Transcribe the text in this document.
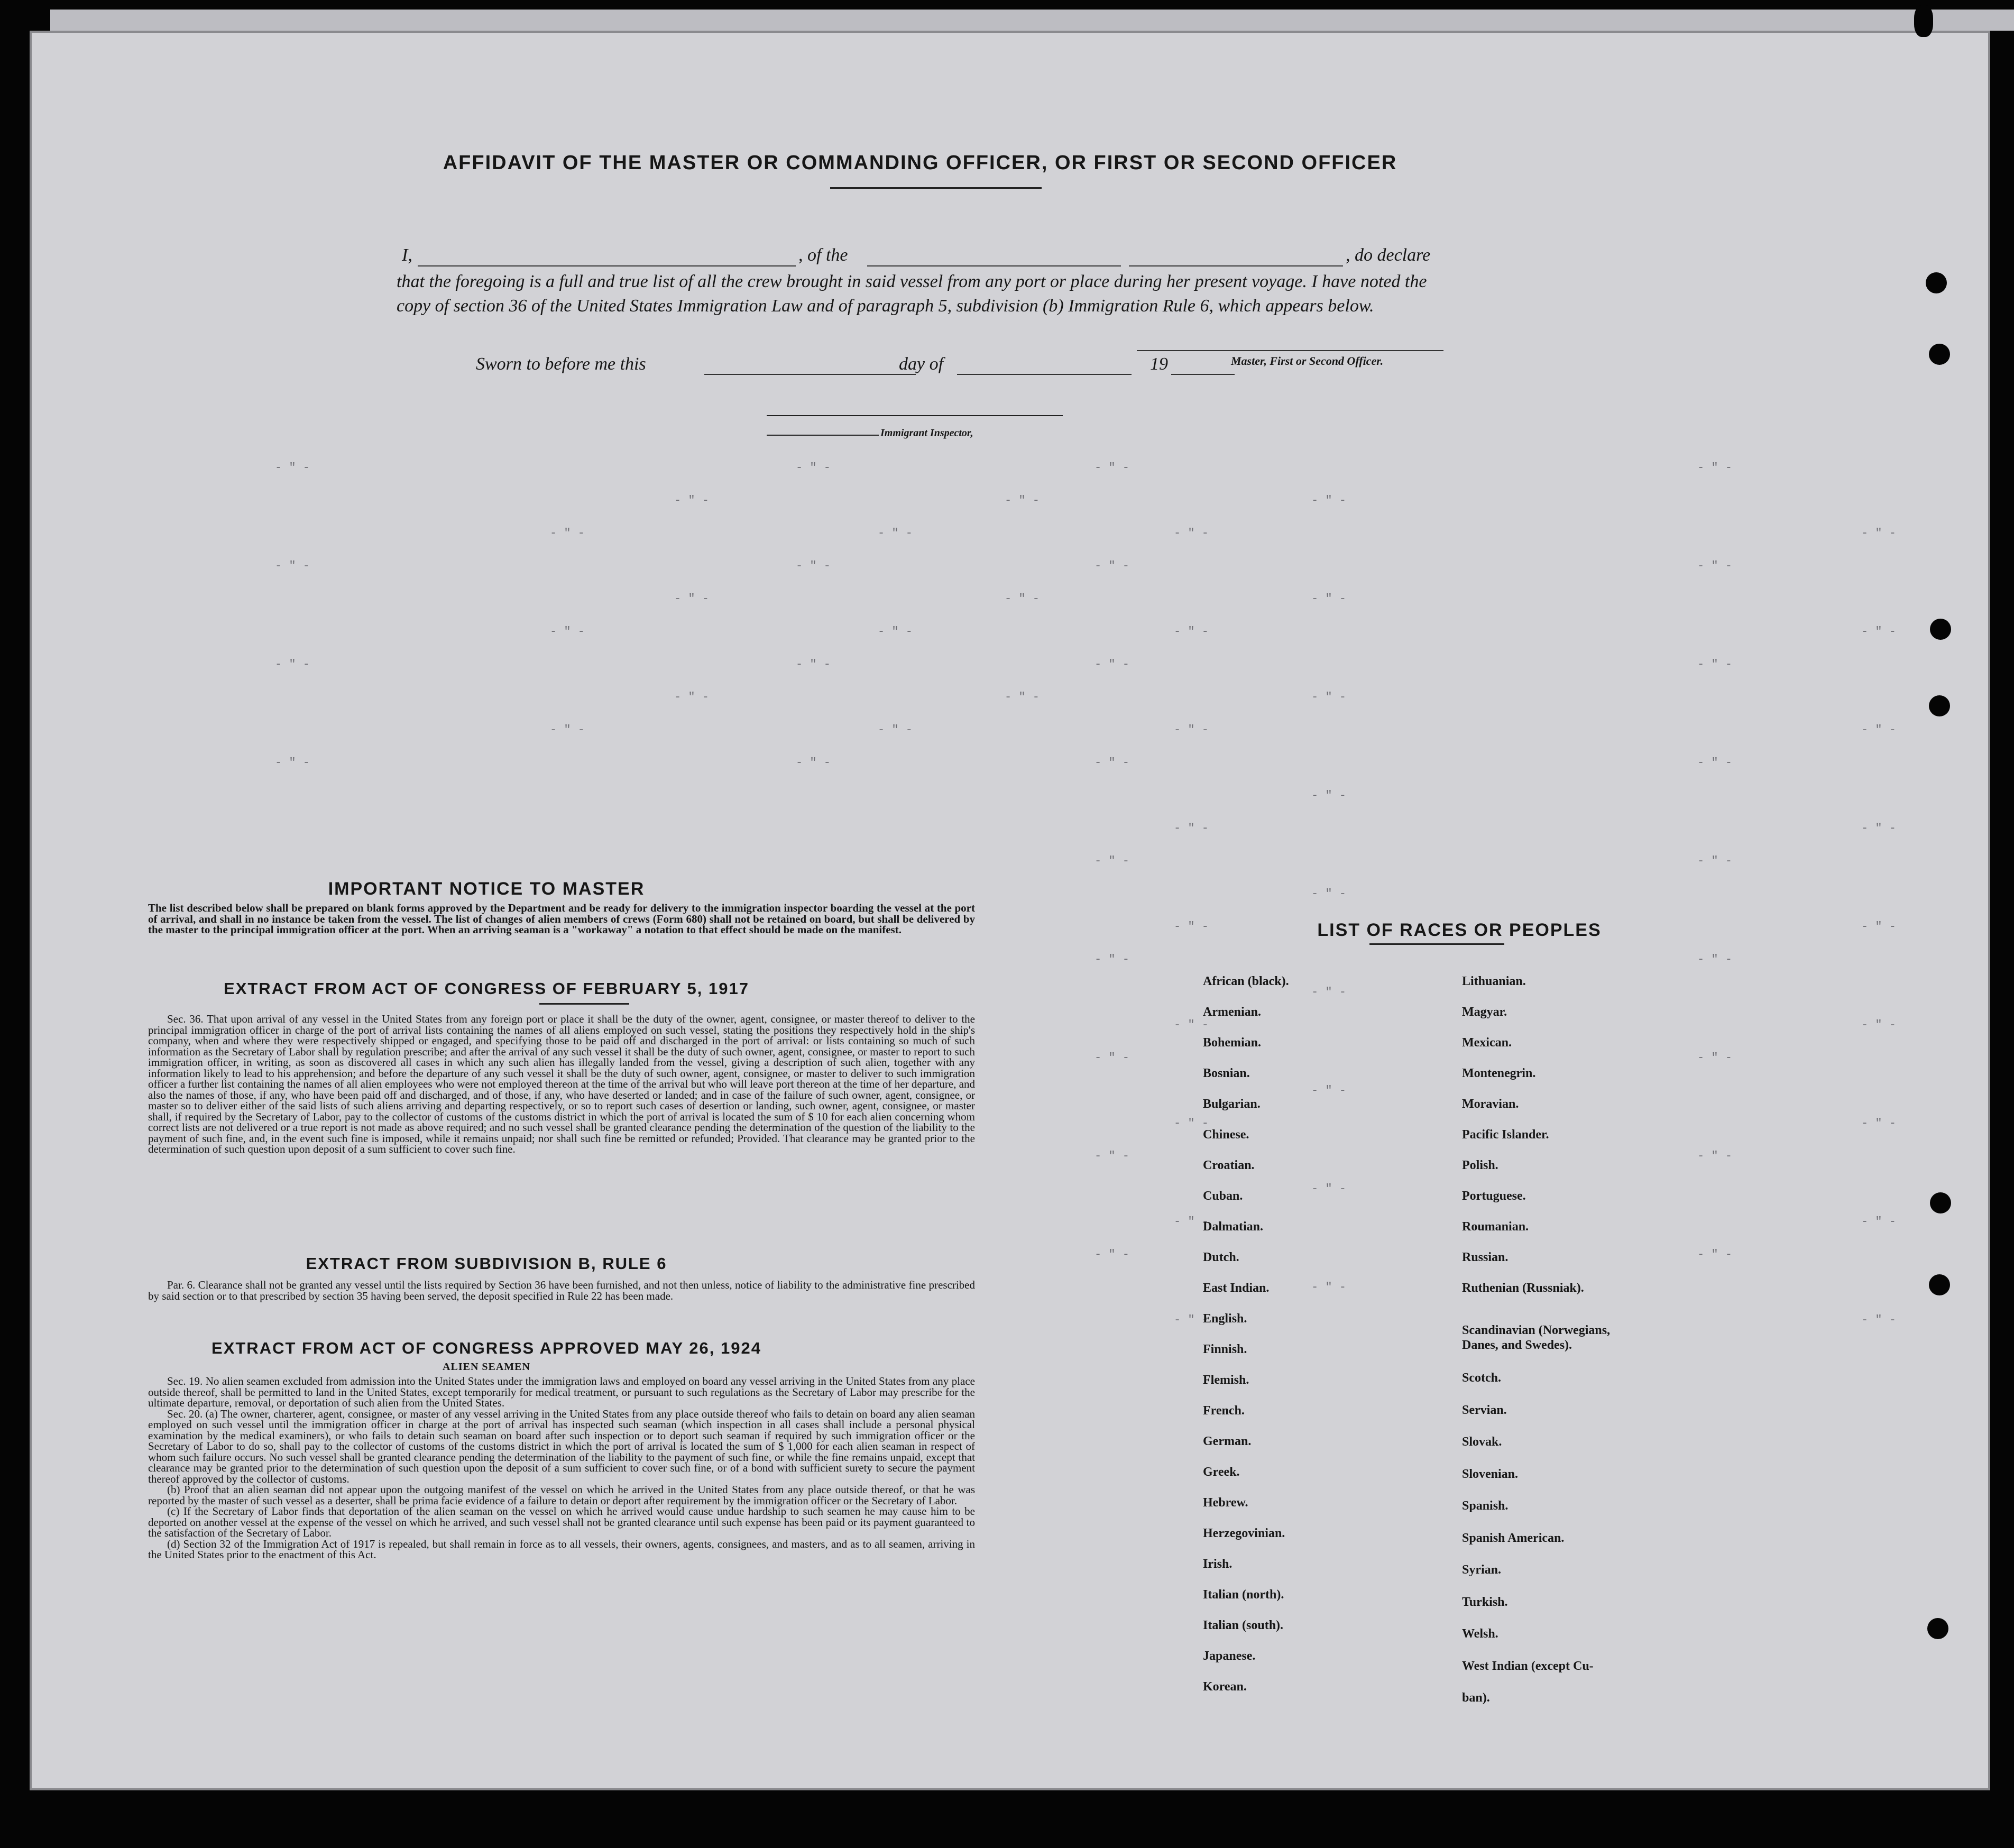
- " -	- " -	- " -	- " -
- " -	- " -	- " -
- " -	- " -	- " -	- " -
- " -	- " -	- " -	- " -
- " -	- " -	- " -
- " -	- " -	- " -	- " -
- " -	- " -	- " -	- " -
- " -	- " -	- " -
- " -	- " -	- " -	- " -
- " -	- " -	- " -	- " -
- " -
- " -	- " -
- " -	- " -
- " -
- " -	- " -
- " -	- " -
- " -
- " -	- " -
- " -	- " -
- " -
- " -	- " -
- " -	- " -
- " -
- " -	- " -
- " -	- " -
- " -
- " -	- " -
AFFIDAVIT OF THE MASTER OR COMMANDING OFFICER, OR FIRST OR SECOND OFFICER
I,	, of the	, do declare
that the foregoing is a full and true list of all the crew brought in said vessel from any port or place during her present voyage. I have noted the copy of section 36 of the United States Immigration Law and of paragraph 5, subdivision (b) Immigration Rule 6, which appears below.
Master, First or Second Officer.
Sworn to before me this	day of	19
Immigrant Inspector,
IMPORTANT NOTICE TO MASTER
The list described below shall be prepared on blank forms approved by the Department and be ready for delivery to the immigration inspector boarding the vessel at the port of arrival, and shall in no instance be taken from the vessel. The list of changes of alien members of crews (Form 680) shall not be retained on board, but shall be delivered by the master to the principal immigration officer at the port. When an arriving seaman is a "workaway" a notation to that effect should be made on the manifest.
EXTRACT FROM ACT OF CONGRESS OF FEBRUARY 5, 1917

Sec. 36. That upon arrival of any vessel in the United States from any foreign port or place it shall be the duty of the owner, agent, consignee, or master thereof to deliver to the principal immigration officer in charge of the port of arrival lists containing the names of all aliens employed on such vessel, stating the positions they respectively hold in the ship's company, when and where they were respectively shipped or engaged, and specifying those to be paid off and discharged in the port of arrival: or lists containing so much of such information as the Secretary of Labor shall by regulation prescribe; and after the arrival of any such vessel it shall be the duty of such owner, agent, consignee, or master to report to such immigration officer, in writing, as soon as discovered all cases in which any such alien has illegally landed from the vessel, giving a description of such alien, together with any information likely to lead to his apprehension; and before the departure of any such vessel it shall be the duty of such owner, agent, consignee, or master to deliver to such immigration officer a further list containing the names of all alien employees who were not employed thereon at the time of the arrival but who will leave port thereon at the time of her departure, and also the names of those, if any, who have been paid off and discharged, and of those, if any, who have deserted or landed; and in case of the failure of such owner, agent, consignee, or master so to deliver either of the said lists of such aliens arriving and departing respectively, or so to report such cases of desertion or landing, such owner, agent, consignee, or master shall, if required by the Secretary of Labor, pay to the collector of customs of the customs district in which the port of arrival is located the sum of $ 10 for each alien concerning whom correct lists are not delivered or a true report is not made as above required; and no such vessel shall be granted clearance pending the determination of the question of the liability to the payment of such fine, and, in the event such fine is imposed, while it remains unpaid; nor shall such fine be remitted or refunded; Provided. That clearance may be granted prior to the determination of such question upon deposit of a sum sufficient to cover such fine.

EXTRACT FROM SUBDIVISION B, RULE 6

Par. 6. Clearance shall not be granted any vessel until the lists required by Section 36 have been furnished, and not then unless, notice of liability to the administrative fine prescribed by said section or to that prescribed by section 35 having been served, the deposit specified in Rule 22 has been made.

EXTRACT FROM ACT OF CONGRESS APPROVED MAY 26, 1924
ALIEN SEAMEN

Sec. 19. No alien seamen excluded from admission into the United States under the immigration laws and employed on board any vessel arriving in the United States from any place outside thereof, shall be permitted to land in the United States, except temporarily for medical treatment, or pursuant to such regulations as the Secretary of Labor may prescribe for the ultimate departure, removal, or deportation of such alien from the United States.

Sec. 20. (a) The owner, charterer, agent, consignee, or master of any vessel arriving in the United States from any place outside thereof who fails to detain on board any alien seaman employed on such vessel until the immigration officer in charge at the port of arrival has inspected such seaman (which inspection in all cases shall include a personal physical examination by the medical examiners), or who fails to detain such seaman on board after such inspection or to deport such seaman if required by such immigration officer or the Secretary of Labor to do so, shall pay to the collector of customs of the customs district in which the port of arrival is located the sum of $ 1,000 for each alien seaman in respect of whom such failure occurs. No such vessel shall be granted clearance pending the determination of the liability to the payment of such fine, or while the fine remains unpaid, except that clearance may be granted prior to the determination of such question upon the deposit of a sum sufficient to cover such fine, or of a bond with sufficient surety to secure the payment thereof approved by the collector of customs.

(b) Proof that an alien seaman did not appear upon the outgoing manifest of the vessel on which he arrived in the United States from any place outside thereof, or that he was reported by the master of such vessel as a deserter, shall be prima facie evidence of a failure to detain or deport after requirement by the immigration officer or the Secretary of Labor.

(c) If the Secretary of Labor finds that deportation of the alien seaman on the vessel on which he arrived would cause undue hardship to such seamen he may cause him to be deported on another vessel at the expense of the vessel on which he arrived, and such vessel shall not be granted clearance until such expense has been paid or its payment guaranteed to the satisfaction of the Secretary of Labor.

(d) Section 32 of the Immigration Act of 1917 is repealed, but shall remain in force as to all vessels, their owners, agents, consignees, and masters, and as to all seamen, arriving in the United States prior to the enactment of this Act.

LIST OF RACES OR PEOPLES
African (black).
Armenian.
Bohemian.
Bosnian.
Bulgarian.
Chinese.
Croatian.
Cuban.
Dalmatian.
Dutch.
East Indian.
English.
Finnish.
Flemish.
French.
German.
Greek.
Hebrew.
Herzegovinian.
Irish.
Italian (north).
Italian (south).
Japanese.
Korean.
Lithuanian.
Magyar.
Mexican.
Montenegrin.
Moravian.
Pacific Islander.
Polish.
Portuguese.
Roumanian.
Russian.
Ruthenian (Russniak).
Scandinavian (Norwegians,
Danes, and Swedes).
Scotch.
Servian.
Slovak.
Slovenian.
Spanish.
Spanish American.
Syrian.
Turkish.
Welsh.
West Indian (except Cu-
ban).
